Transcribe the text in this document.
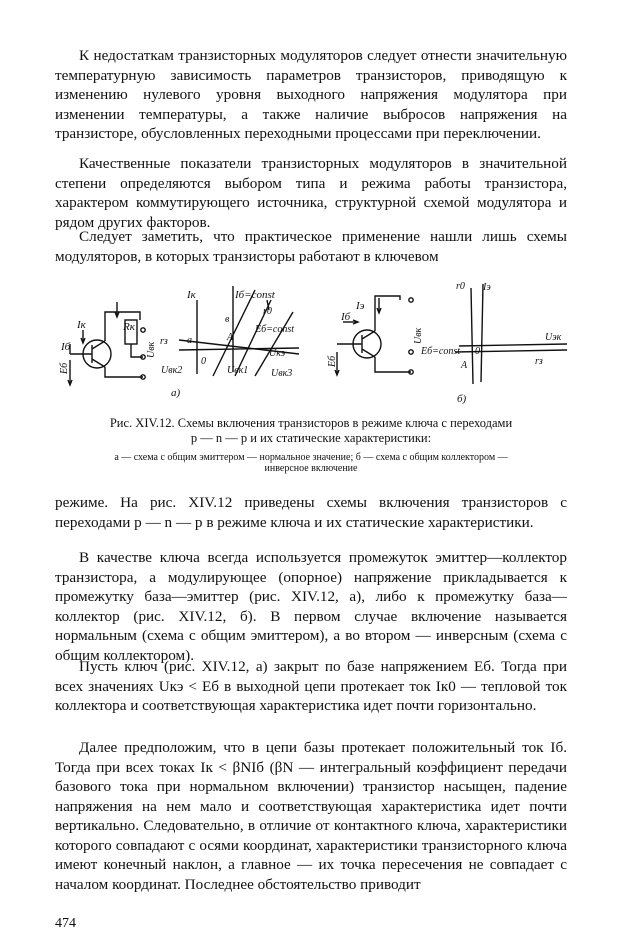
К недостаткам транзисторных модуляторов следует отнести значительную температурную зависимость параметров транзисторов, приводящую к изменению нулевого уровня выходного напряжения модулятора при изменении температуры, а также наличие выбросов напряжения на транзисторе, обусловленных переходными процессами при переключении.

Качественные показатели транзисторных модуляторов в значительной степени определяются выбором типа и режима работы транзистора, характером коммутирующего источника, структурной схемой модулятора и рядом других факторов.

Следует заметить, что практическое применение нашли лишь схемы модуляторов, в которых транзисторы работают в ключевом

Iк	Rк
Iб
Eб
Uвк
Iк	Iб=const
r0
Eб=const
rз a
в
A
Uкэ
Uвк2
0
Uвк1 Uвк3
а)
Iэ
Iб
Eб
Uвк
r0 Iэ
Uэк
Eб=const 0
A	rз
б)

Рис. XIV.12. Схемы включения транзисторов в режиме ключа с переходами

p — n — p и их статические характеристики:

а — схема с общим эмиттером — нормальное значение; б — схема с общим коллектором —

инверсное включение

режиме. На рис. XIV.12 приведены схемы включения транзисторов с переходами p — n — p в режиме ключа и их статические характеристики.

В качестве ключа всегда используется промежуток эмиттер—коллектор транзистора, а модулирующее (опорное) напряжение прикладывается к промежутку база—эмиттер (рис. XIV.12, а), либо к промежутку база—коллектор (рис. XIV.12, б). В первом случае включение называется нормальным (схема с общим эмиттером), а во втором — инверсным (схема с общим коллектором).

Пусть ключ (рис. XIV.12, а) закрыт по базе напряжением Eб. Тогда при всех значениях Uкэ < Eб в выходной цепи протекает ток Iк0 — тепловой ток коллектора и соответствующая характеристика идет почти горизонтально.

Далее предположим, что в цепи базы протекает положительный ток Iб. Тогда при всех токах Iк < βNIб (βN — интегральный коэффициент передачи базового тока при нормальном включении) транзистор насыщен, падение напряжения на нем мало и соответствующая характеристика идет почти вертикально. Следовательно, в отличие от контактного ключа, характеристики которого совпадают с осями координат, характеристики транзисторного ключа имеют конечный наклон, а главное — их точка пересечения не совпадает с началом координат. Последнее обстоятельство приводит

474
